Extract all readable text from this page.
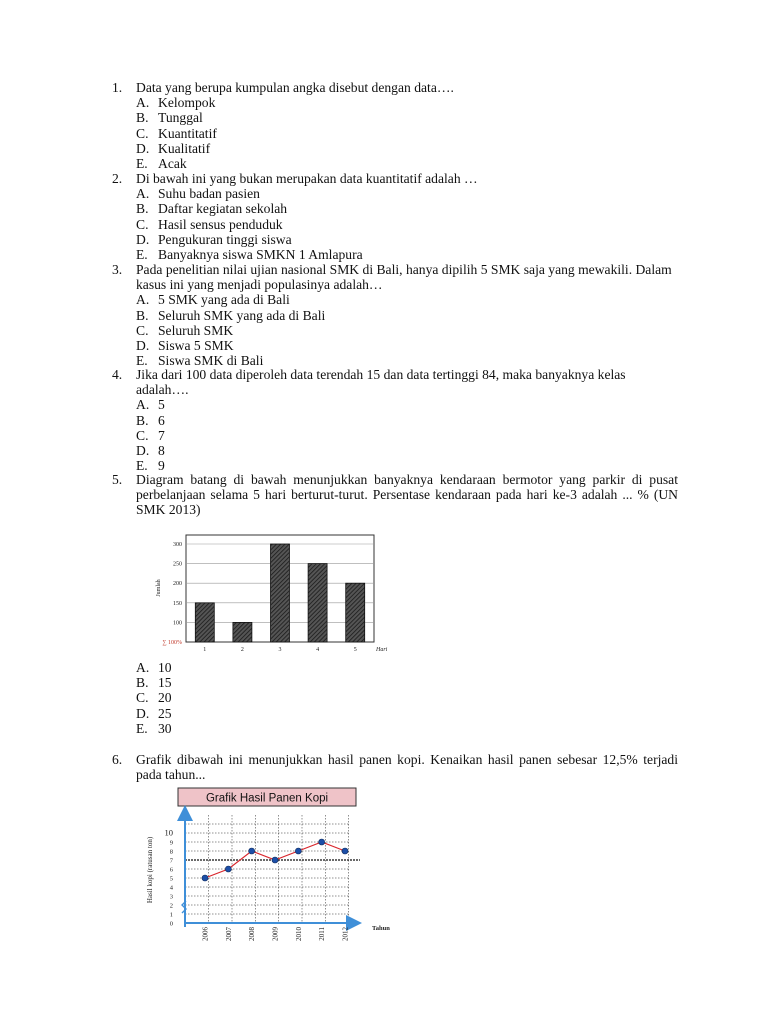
1.	Data yang berupa kumpulan angka disebut dengan data….
A. Kelompok
B. Tunggal
C. Kuantitatif
D. Kualitatif
E. Acak
2.	Di bawah ini yang bukan merupakan data kuantitatif adalah …
A. Suhu badan pasien
B. Daftar kegiatan sekolah
C. Hasil sensus penduduk
D. Pengukuran tinggi siswa
E. Banyaknya siswa SMKN 1 Amlapura
3.	Pada penelitian nilai ujian nasional SMK di Bali, hanya dipilih 5 SMK saja yang mewakili. Dalam kasus ini yang menjadi populasinya adalah…
A. 5 SMK yang ada di Bali
B. Seluruh SMK yang ada di Bali
C. Seluruh SMK
D. Siswa 5 SMK
E. Siswa SMK di Bali
4.	Jika dari 100 data diperoleh data terendah 15 dan data tertinggi 84, maka banyaknya kelas adalah….
A. 5
B. 6
C. 7
D. 8
E. 9
5.	Diagram batang di bawah menunjukkan banyaknya kendaraan bermotor yang parkir di pusat perbelanjaan selama 5 hari berturut-turut. Persentase kendaraan pada hari ke-3 adalah ... % (UN SMK 2013)
300
250
200
150
100
∑ 100%
1	2	3	4	5
Jumlah
Hari
A. 10
B. 15
C. 20
D. 25
E. 30
6.	Grafik dibawah ini menunjukkan hasil panen kopi. Kenaikan hasil panen sebesar 12,5% terjadi pada tahun...
Grafik Hasil Panen Kopi
10
9
8
7
6
5
4
3
2
1
0
2006 2007 2008 2009 2010 2011 2012
Hasil kopi (ratusan ton)
Tahun
